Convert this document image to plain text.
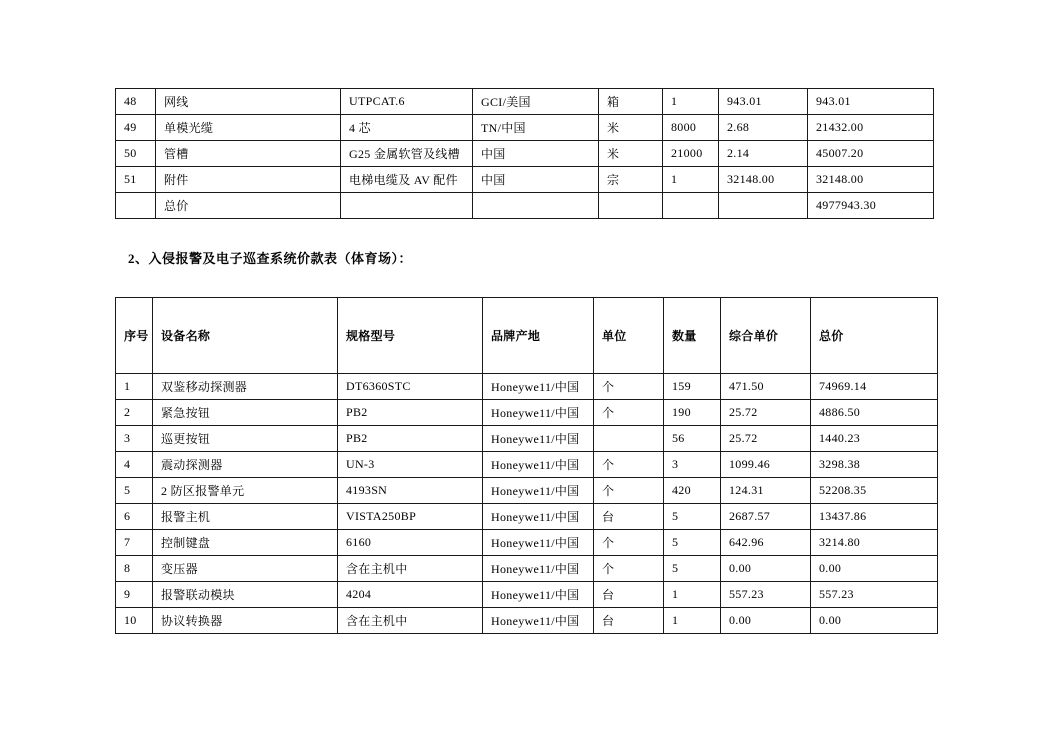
48	网线	UTPCAT.6	GCI/美国	箱	1	943.01	943.01
49	单模光缆	4 芯	TN/中国	米	8000	2.68	21432.00
50	管槽	G25 金属软管及线槽	中国	米	21000	2.14	45007.20
51	附件	电梯电缆及 AV 配件	中国	宗	1	32148.00	32148.00
	总价						4977943.30
2、入侵报警及电子巡查系统价款表（体育场）：
序号	设备名称	规格型号	品牌产地	单位	数量	综合单价	总价
1	双鉴移动探测器	DT6360STC	Honeywe11/中国	个	159	471.50	74969.14
2	紧急按钮	PB2	Honeywe11/中国	个	190	25.72	4886.50
3	巡更按钮	PB2	Honeywe11/中国		56	25.72	1440.23
4	震动探测器	UN-3	Honeywe11/中国	个	3	1099.46	3298.38
5	2 防区报警单元	4193SN	Honeywe11/中国	个	420	124.31	52208.35
6	报警主机	VISTA250BP	Honeywe11/中国	台	5	2687.57	13437.86
7	控制键盘	6160	Honeywe11/中国	个	5	642.96	3214.80
8	变压器	含在主机中	Honeywe11/中国	个	5	0.00	0.00
9	报警联动模块	4204	Honeywe11/中国	台	1	557.23	557.23
10	协议转换器	含在主机中	Honeywe11/中国	台	1	0.00	0.00
